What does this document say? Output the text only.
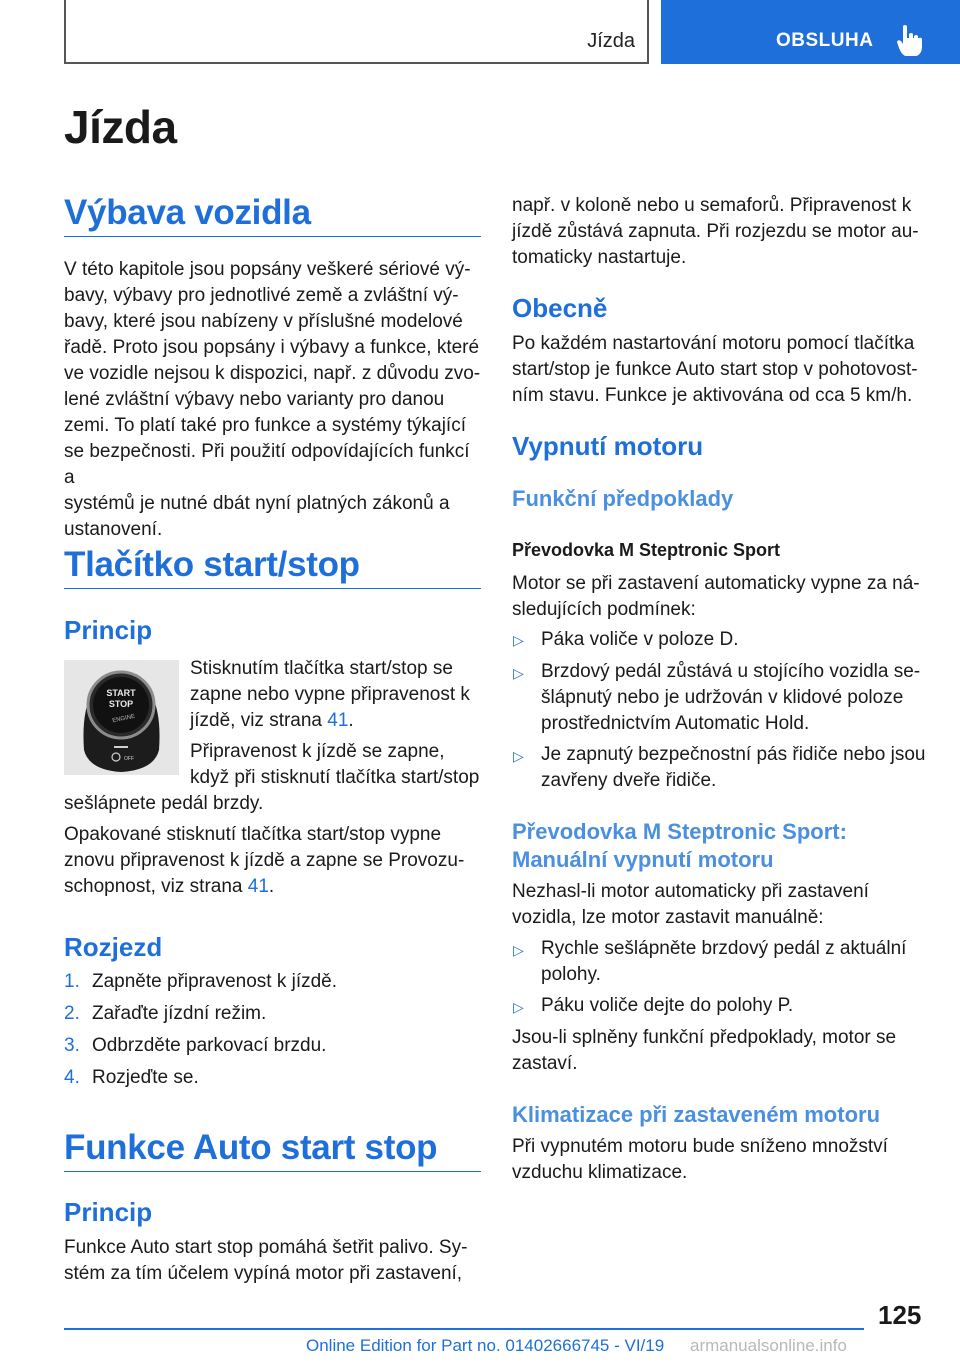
Jízda	OBSLUHA
Jízda
Výbava vozidla
V této kapitole jsou popsány veškeré sériové vý‐
bavy, výbavy pro jednotlivé země a zvláštní vý‐
bavy, které jsou nabízeny v příslušné modelové
řadě. Proto jsou popsány i výbavy a funkce, které
ve vozidle nejsou k dispozici, např. z důvodu zvo‐
lené zvláštní výbavy nebo varianty pro danou
zemi. To platí také pro funkce a systémy týkající
se bezpečnosti. Při použití odpovídajících funkcí a
systémů je nutné dbát nyní platných zákonů a
ustanovení.
Tlačítko start/stop
Princip
START
STOP
ENGINE
OFF
Stisknutím tlačítka start/stop se
zapne nebo vypne připravenost k
jízdě, viz strana 41.
Připravenost k jízdě se zapne,
když při stisknutí tlačítka start/stop
sešlápnete pedál brzdy.
Opakované stisknutí tlačítka start/stop vypne
znovu připravenost k jízdě a zapne se Provozu‐
schopnost, viz strana 41.
Rozjezd
1. Zapněte připravenost k jízdě.
2. Zařaďte jízdní režim.
3. Odbrzděte parkovací brzdu.
4. Rozjeďte se.
Funkce Auto start stop
Princip
Funkce Auto start stop pomáhá šetřit palivo. Sy‐
stém za tím účelem vypíná motor při zastavení,
např. v koloně nebo u semaforů. Připravenost k
jízdě zůstává zapnuta. Při rozjezdu se motor au‐
tomaticky nastartuje.
Obecně
Po každém nastartování motoru pomocí tlačítka
start/stop je funkce Auto start stop v pohotovost‐
ním stavu. Funkce je aktivována od cca 5 km/h.
Vypnutí motoru
Funkční předpoklady
Převodovka M Steptronic Sport
Motor se při zastavení automaticky vypne za ná‐
sledujících podmínek:
▷ Páka voliče v poloze D.
▷ Brzdový pedál zůstává u stojícího vozidla se‐
šlápnutý nebo je udržován v klidové poloze
prostřednictvím Automatic Hold.
▷ Je zapnutý bezpečnostní pás řidiče nebo jsou
zavřeny dveře řidiče.
Převodovka M Steptronic Sport:
Manuální vypnutí motoru
Nezhasl-li motor automaticky při zastavení
vozidla, lze motor zastavit manuálně:
▷ Rychle sešlápněte brzdový pedál z aktuální
polohy.
▷ Páku voliče dejte do polohy P.
Jsou-li splněny funkční předpoklady, motor se
zastaví.
Klimatizace při zastaveném motoru
Při vypnutém motoru bude sníženo množství
vzduchu klimatizace.
125
Online Edition for Part no. 01402666745 - VI/19 armanualsonline.info
